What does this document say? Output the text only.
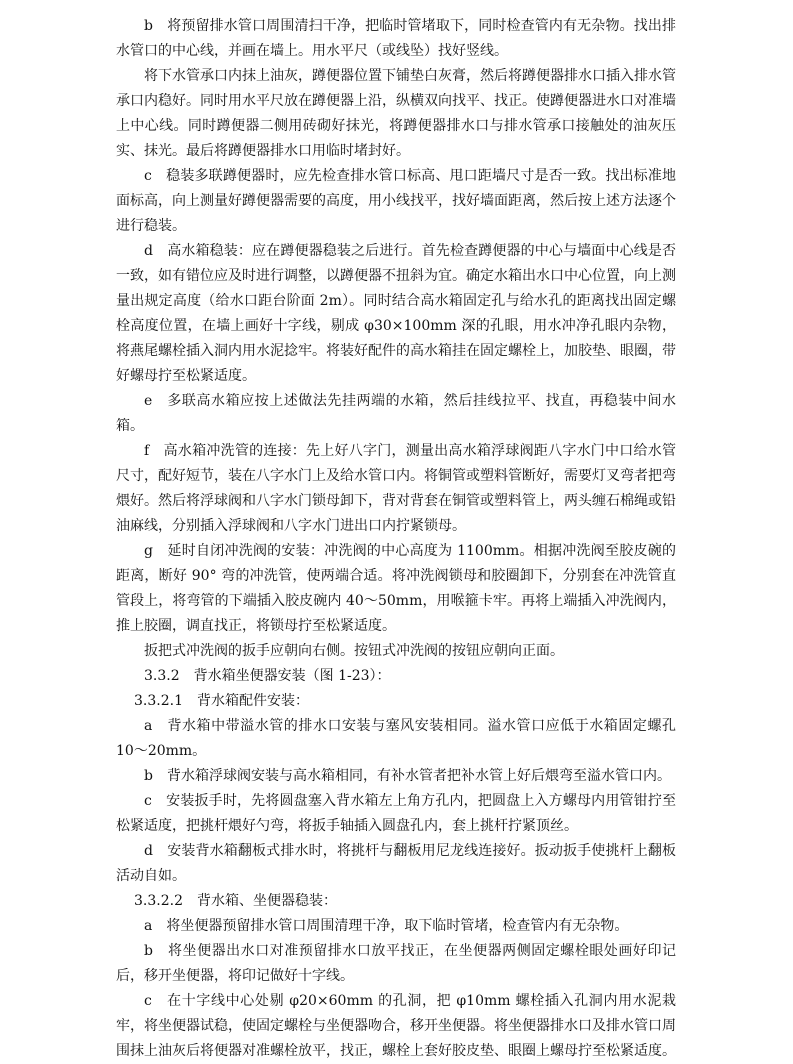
b　将预留排水管口周围清扫干净，把临时管堵取下，同时检查管内有无杂物。找出排水管口的中心线，并画在墙上。用水平尺（或线坠）找好竖线。

将下水管承口内抹上油灰，蹲便器位置下铺垫白灰膏，然后将蹲便器排水口插入排水管承口内稳好。同时用水平尺放在蹲便器上沿，纵横双向找平、找正。使蹲便器进水口对准墙上中心线。同时蹲便器二侧用砖砌好抹光，将蹲便器排水口与排水管承口接触处的油灰压实、抹光。最后将蹲便器排水口用临时堵封好。

c　稳装多联蹲便器时，应先检查排水管口标高、甩口距墙尺寸是否一致。找出标准地面标高，向上测量好蹲便器需要的高度，用小线找平，找好墙面距离，然后按上述方法逐个进行稳装。

d　高水箱稳装：应在蹲便器稳装之后进行。首先检查蹲便器的中心与墙面中心线是否一致，如有错位应及时进行调整，以蹲便器不扭斜为宜。确定水箱出水口中心位置，向上测量出规定高度（给水口距台阶面 2m）。同时结合高水箱固定孔与给水孔的距离找出固定螺栓高度位置，在墙上画好十字线，剔成 φ30×100mm 深的孔眼，用水冲净孔眼内杂物，将燕尾螺栓插入洞内用水泥捻牢。将装好配件的高水箱挂在固定螺栓上，加胶垫、眼圈，带好螺母拧至松紧适度。

e　多联高水箱应按上述做法先挂两端的水箱，然后挂线拉平、找直，再稳装中间水箱。

f　高水箱冲洗管的连接：先上好八字门，测量出高水箱浮球阀距八字水门中口给水管尺寸，配好短节，装在八字水门上及给水管口内。将铜管或塑料管断好，需要灯叉弯者把弯煨好。然后将浮球阀和八字水门锁母卸下，背对背套在铜管或塑料管上，两头缠石棉绳或铅油麻线，分别插入浮球阀和八字水门进出口内拧紧锁母。

g　延时自闭冲洗阀的安装：冲洗阀的中心高度为 1100mm。相据冲洗阀至胶皮碗的距离，断好 90° 弯的冲洗管，使两端合适。将冲洗阀锁母和胶圈卸下，分别套在冲洗管直管段上，将弯管的下端插入胶皮碗内 40～50mm，用喉箍卡牢。再将上端插入冲洗阀内，推上胶圈，调直找正，将锁母拧至松紧适度。

扳把式冲洗阀的扳手应朝向右侧。按钮式冲洗阀的按钮应朝向正面。

3.3.2　背水箱坐便器安装（图 1-23）：

3.3.2.1　背水箱配件安装：

a　背水箱中带溢水管的排水口安装与塞风安装相同。溢水管口应低于水箱固定螺孔 10～20mm。

b　背水箱浮球阀安装与高水箱相同，有补水管者把补水管上好后煨弯至溢水管口内。

c　安装扳手时，先将圆盘塞入背水箱左上角方孔内，把圆盘上入方螺母内用管钳拧至松紧适度，把挑杆煨好勺弯，将扳手轴插入圆盘孔内，套上挑杆拧紧顶丝。

d　安装背水箱翻板式排水时，将挑杆与翻板用尼龙线连接好。扳动扳手使挑杆上翻板活动自如。

3.3.2.2　背水箱、坐便器稳装：

a　将坐便器预留排水管口周围清理干净，取下临时管堵，检查管内有无杂物。

b　将坐便器出水口对准预留排水口放平找正，在坐便器两侧固定螺栓眼处画好印记后，移开坐便器，将印记做好十字线。

c　在十字线中心处剔 φ20×60mm 的孔洞，把 φ10mm 螺栓插入孔洞内用水泥栽牢，将坐便器试稳，使固定螺栓与坐便器吻合，移开坐便器。将坐便器排水口及排水管口周围抹上油灰后将便器对准螺栓放平，找正，螺栓上套好胶皮垫、眼圈上螺母拧至松紧适度。
